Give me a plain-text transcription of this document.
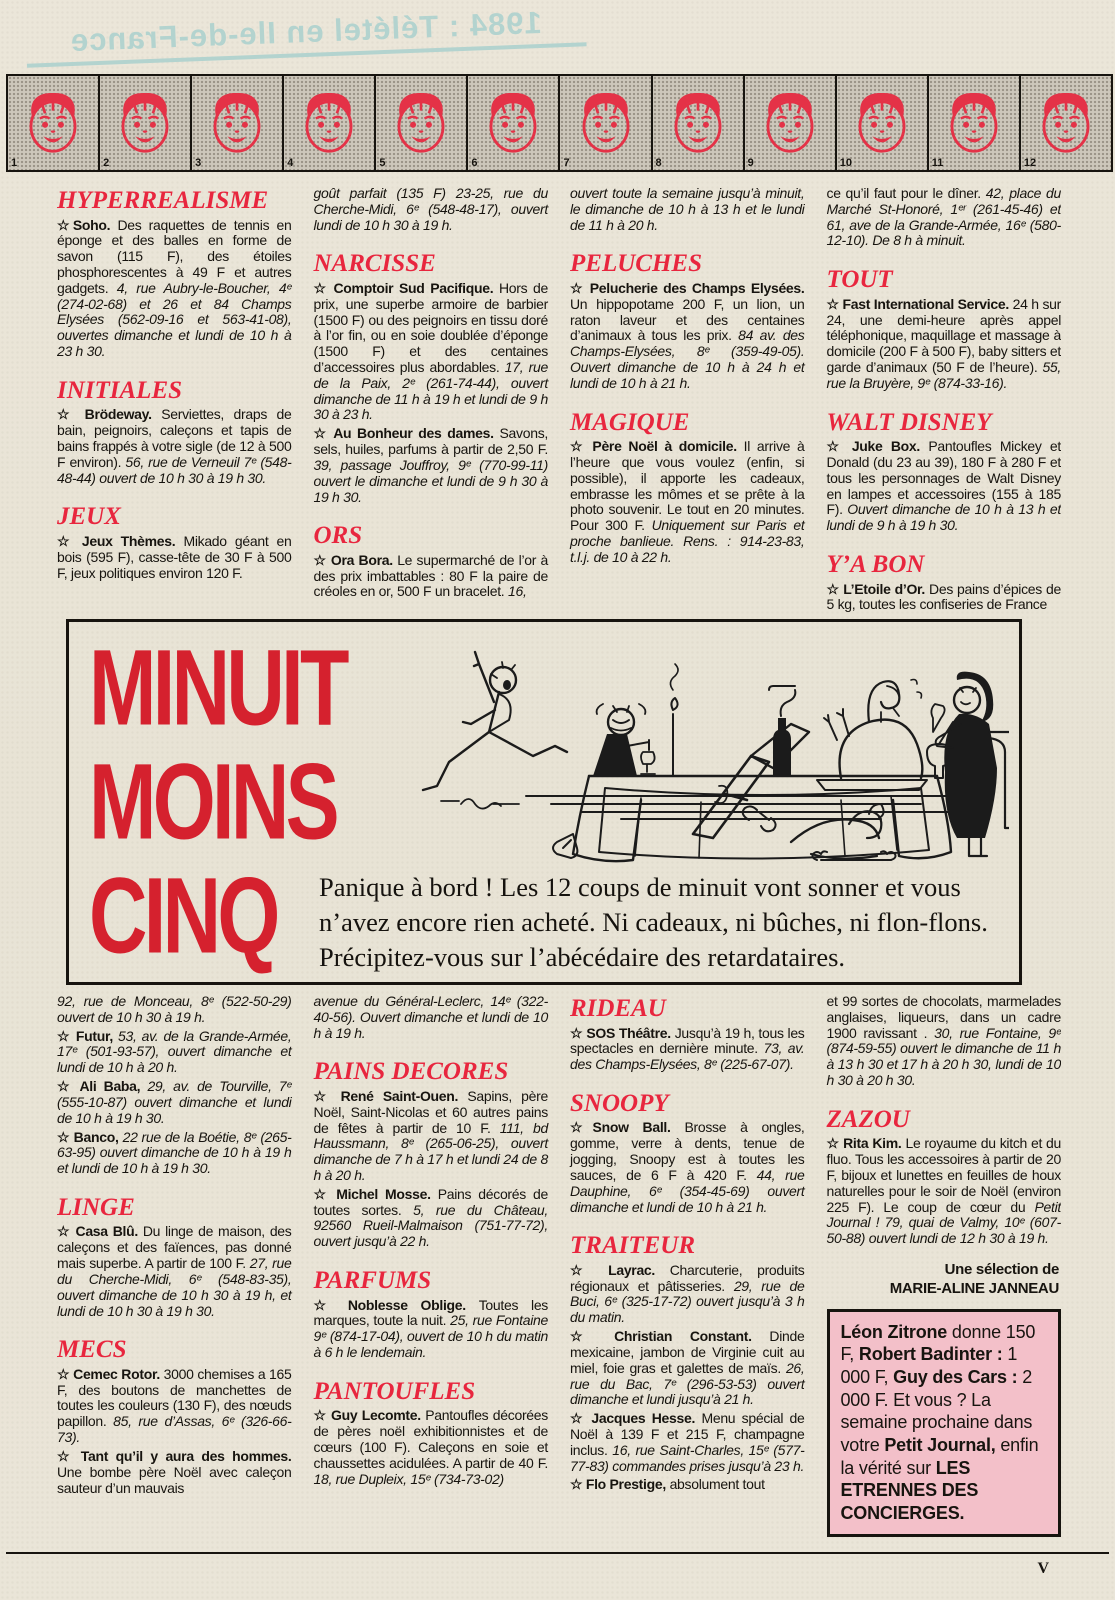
1984 : Télétel en Ile-de-France
1	2	3	4	5	6	7	8	9	10	11	12
HYPERREALISME

☆Soho. Des raquettes de tennis en éponge et des balles en forme de savon (115 F), des étoiles phosphorescentes à 49 F et autres gadgets. 4, rue Aubry-le-Boucher, 4ᵉ (274-02-68) et 26 et 84 Champs Elysées (562-09-16 et 563-41-08), ouvertes dimanche et lundi de 10 h à 23 h 30.

INITIALES

☆ Brödeway. Serviettes, draps de bain, peignoirs, caleçons et tapis de bains frappés à votre sigle (de 12 à 500 F environ). 56, rue de Verneuil 7ᵉ (548-48-44) ouvert de 10 h 30 à 19 h 30.

JEUX

☆ Jeux Thèmes. Mikado géant en bois (595 F), casse-tête de 30 F à 500 F, jeux politiques environ 120 F.

goût parfait (135 F) 23-25, rue du Cherche-Midi, 6ᵉ (548-48-17), ouvert lundi de 10 h 30 à 19 h.

NARCISSE

☆ Comptoir Sud Pacifique. Hors de prix, une superbe armoire de barbier (1500 F) ou des peignoirs en tissu doré à l’or fin, ou en soie doublée d’éponge (1500 F) et des centaines d’accessoires plus abordables. 17, rue de la Paix, 2ᵉ (261-74-44), ouvert dimanche de 11 h à 19 h et lundi de 9 h 30 à 23 h.

☆ Au Bonheur des dames. Savons, sels, huiles, parfums à partir de 2,50 F. 39, passage Jouffroy, 9ᵉ (770-99-11) ouvert le dimanche et lundi de 9 h 30 à 19 h 30.

ORS

☆ Ora Bora. Le supermarché de l’or à des prix imbattables : 80 F la paire de créoles en or, 500 F un bracelet. 16,

ouvert toute la semaine jusqu’à minuit, le dimanche de 10 h à 13 h et le lundi de 11 h à 20 h.

PELUCHES

☆ Pelucherie des Champs Elysées. Un hippopotame 200 F, un lion, un raton laveur et des centaines d’animaux à tous les prix. 84 av. des Champs-Elysées, 8ᵉ (359-49-05). Ouvert dimanche de 10 h à 24 h et lundi de 10 h à 21 h.

MAGIQUE

☆ Père Noël à domicile. Il arrive à l’heure que vous voulez (enfin, si possible), il apporte les cadeaux, embrasse les mômes et se prête à la photo souvenir. Le tout en 20 minutes. Pour 300 F. Uniquement sur Paris et proche banlieue. Rens. : 914-23-83, t.l.j. de 10 à 22 h.

ce qu’il faut pour le dîner. 42, place du Marché St-Honoré, 1ᵉʳ (261-45-46) et 61, ave de la Grande-Armée, 16ᵉ (580-12-10). De 8 h à minuit.

TOUT

☆ Fast International Service. 24 h sur 24, une demi-heure après appel téléphonique, maquillage et massage à domicile (200 F à 500 F), baby sitters et garde d’animaux (50 F de l’heure). 55, rue la Bruyère, 9ᵉ (874-33-16).

WALT DISNEY

☆ Juke Box. Pantoufles Mickey et Donald (du 23 au 39), 180 F à 280 F et tous les personnages de Walt Disney en lampes et accessoires (155 à 185 F). Ouvert dimanche de 10 h à 13 h et lundi de 9 h à 19 h 30.

Y’A BON

☆ L’Etoile d’Or. Des pains d’épices de 5 kg, toutes les confiseries de France

MINUIT
MOINS
CINQ	Panique à bord ! Les 12 coups de minuit vont sonner et vous n’avez encore rien acheté. Ni cadeaux, ni bûches, ni flon-flons. Précipitez-vous sur l’abécédaire des retardataires.

92, rue de Monceau, 8ᵉ (522-50-29) ouvert de 10 h 30 à 19 h.

☆ Futur, 53, av. de la Grande-Armée, 17ᵉ (501-93-57), ouvert dimanche et lundi de 10 h à 20 h.

☆ Ali Baba, 29, av. de Tourville, 7ᵉ (555-10-87) ouvert dimanche et lundi de 10 h à 19 h 30.

☆ Banco, 22 rue de la Boétie, 8ᵉ (265-63-95) ouvert dimanche de 10 h à 19 h et lundi de 10 h à 19 h 30.

LINGE

☆ Casa Blû. Du linge de maison, des caleçons et des faïences, pas donné mais superbe. A partir de 100 F. 27, rue du Cherche-Midi, 6ᵉ (548-83-35), ouvert dimanche de 10 h 30 à 19 h, et lundi de 10 h 30 à 19 h 30.

MECS

☆ Cemec Rotor. 3000 chemises a 165 F, des boutons de manchettes de toutes les couleurs (130 F), des nœuds papillon. 85, rue d’Assas, 6ᵉ (326-66-73).

☆ Tant qu’il y aura des hommes. Une bombe père Noël avec caleçon sauteur d’un mauvais

avenue du Général-Leclerc, 14ᵉ (322-40-56). Ouvert dimanche et lundi de 10 h à 19 h.

PAINS DECORES

☆ René Saint-Ouen. Sapins, père Noël, Saint-Nicolas et 60 autres pains de fêtes à partir de 10 F. 111, bd Haussmann, 8ᵉ (265-06-25), ouvert dimanche de 7 h à 17 h et lundi 24 de 8 h à 20 h.

☆ Michel Mosse. Pains décorés de toutes sortes. 5, rue du Château, 92560 Rueil-Malmaison (751-77-72), ouvert jusqu’à 22 h.

PARFUMS

☆ Noblesse Oblige. Toutes les marques, toute la nuit. 25, rue Fontaine 9ᵉ (874-17-04), ouvert de 10 h du matin à 6 h le lendemain.

PANTOUFLES

☆ Guy Lecomte. Pantoufles décorées de pères noël exhibitionnistes et de cœurs (100 F). Caleçons en soie et chaussettes acidulées. A partir de 40 F. 18, rue Dupleix, 15ᵉ (734-73-02)

RIDEAU

☆ SOS Théâtre. Jusqu’à 19 h, tous les spectacles en dernière minute. 73, av. des Champs-Elysées, 8ᵉ (225-67-07).

SNOOPY

☆Snow Ball. Brosse à ongles, gomme, verre à dents, tenue de jogging, Snoopy est à toutes les sauces, de 6 F à 420 F. 44, rue Dauphine, 6ᵉ (354-45-69) ouvert dimanche et lundi de 10 h à 21 h.

TRAITEUR

☆ Layrac. Charcuterie, produits régionaux et pâtisseries. 29, rue de Buci, 6ᵉ (325-17-72) ouvert jusqu’à 3 h du matin.

☆ Christian Constant. Dinde mexicaine, jambon de Virginie cuit au miel, foie gras et galettes de maïs. 26, rue du Bac, 7ᵉ (296-53-53) ouvert dimanche et lundi jusqu’à 21 h.

☆ Jacques Hesse. Menu spécial de Noël à 139 F et 215 F, champagne inclus. 16, rue Saint-Charles, 15ᵉ (577-77-83) commandes prises jusqu’à 23 h.

☆ Flo Prestige, absolument tout

et 99 sortes de chocolats, marmelades anglaises, liqueurs, dans un cadre 1900 ravissant . 30, rue Fontaine, 9ᵉ (874-59-55) ouvert le dimanche de 11 h à 13 h 30 et 17 h à 20 h 30, lundi de 10 h 30 à 20 h 30.

ZAZOU

☆ Rita Kim. Le royaume du kitch et du fluo. Tous les accessoires à partir de 20 F, bijoux et lunettes en feuilles de houx naturelles pour le soir de Noël (environ 225 F). Le coup de cœur du Petit Journal ! 79, quai de Valmy, 10ᵉ (607-50-88) ouvert lundi de 12 h 30 à 19 h.

Une sélection de
MARIE-ALINE JANNEAU
Léon Zitrone donne 150 F, Robert Badinter : 1 000 F, Guy des Cars : 2 000 F. Et vous ? La semaine prochaine dans votre Petit Journal, enfin la vérité sur LES ETRENNES DES CONCIERGES.
V
